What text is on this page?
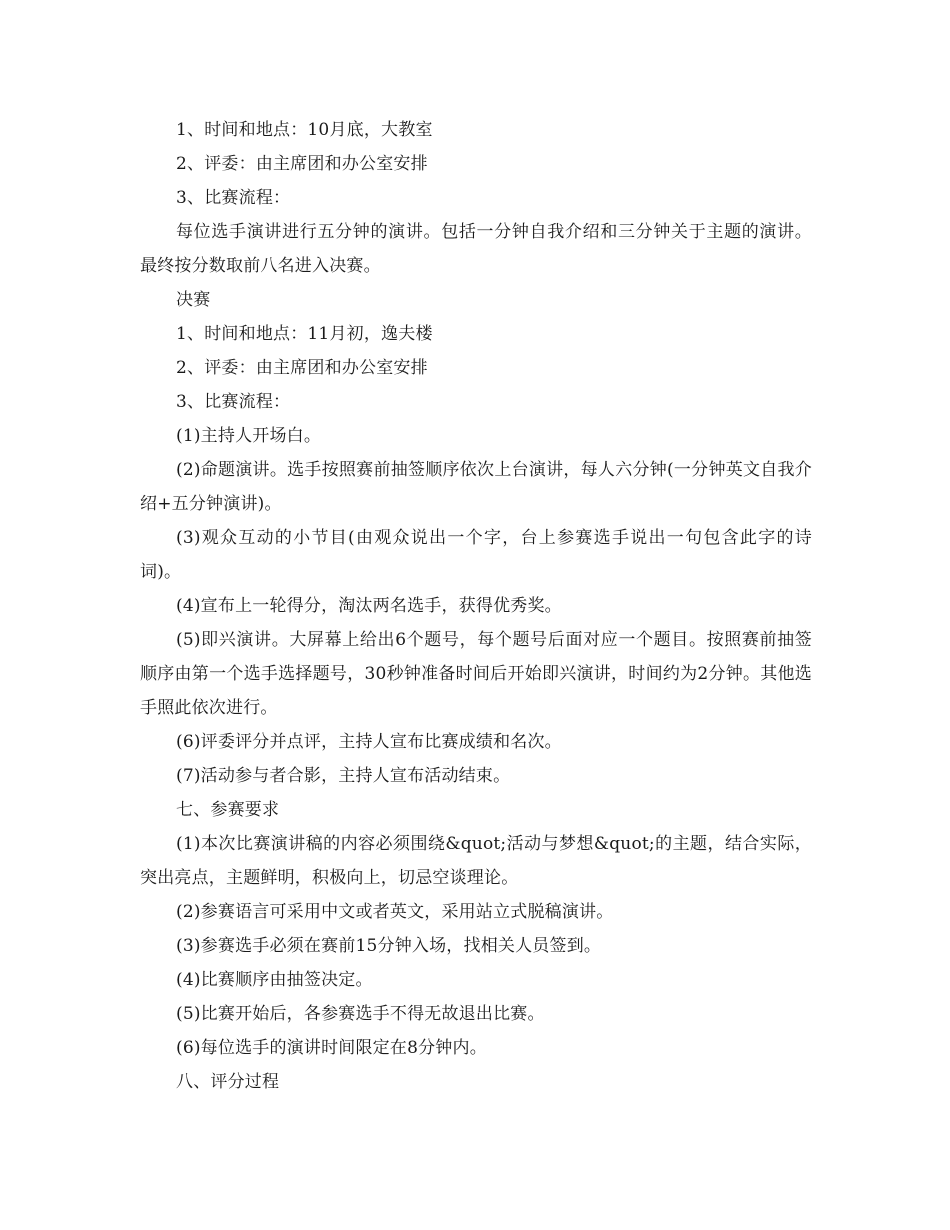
1、时间和地点：10月底，大教室

2、评委：由主席团和办公室安排

3、比赛流程：

每位选手演讲进行五分钟的演讲。包括一分钟自我介绍和三分钟关于主题的演讲。最终按分数取前八名进入决赛。

决赛

1、时间和地点：11月初，逸夫楼

2、评委：由主席团和办公室安排

3、比赛流程：

(1)主持人开场白。

(2)命题演讲。选手按照赛前抽签顺序依次上台演讲，每人六分钟(一分钟英文自我介绍+五分钟演讲)。

(3)观众互动的小节目(由观众说出一个字，台上参赛选手说出一句包含此字的诗词)。

(4)宣布上一轮得分，淘汰两名选手，获得优秀奖。

(5)即兴演讲。大屏幕上给出6个题号，每个题号后面对应一个题目。按照赛前抽签顺序由第一个选手选择题号，30秒钟准备时间后开始即兴演讲，时间约为2分钟。其他选手照此依次进行。

(6)评委评分并点评，主持人宣布比赛成绩和名次。

(7)活动参与者合影，主持人宣布活动结束。

七、参赛要求

(1)本次比赛演讲稿的内容必须围绕&quot;活动与梦想&quot;的主题，结合实际，突出亮点，主题鲜明，积极向上，切忌空谈理论。

(2)参赛语言可采用中文或者英文，采用站立式脱稿演讲。

(3)参赛选手必须在赛前15分钟入场，找相关人员签到。

(4)比赛顺序由抽签决定。

(5)比赛开始后，各参赛选手不得无故退出比赛。

(6)每位选手的演讲时间限定在8分钟内。

八、评分过程
